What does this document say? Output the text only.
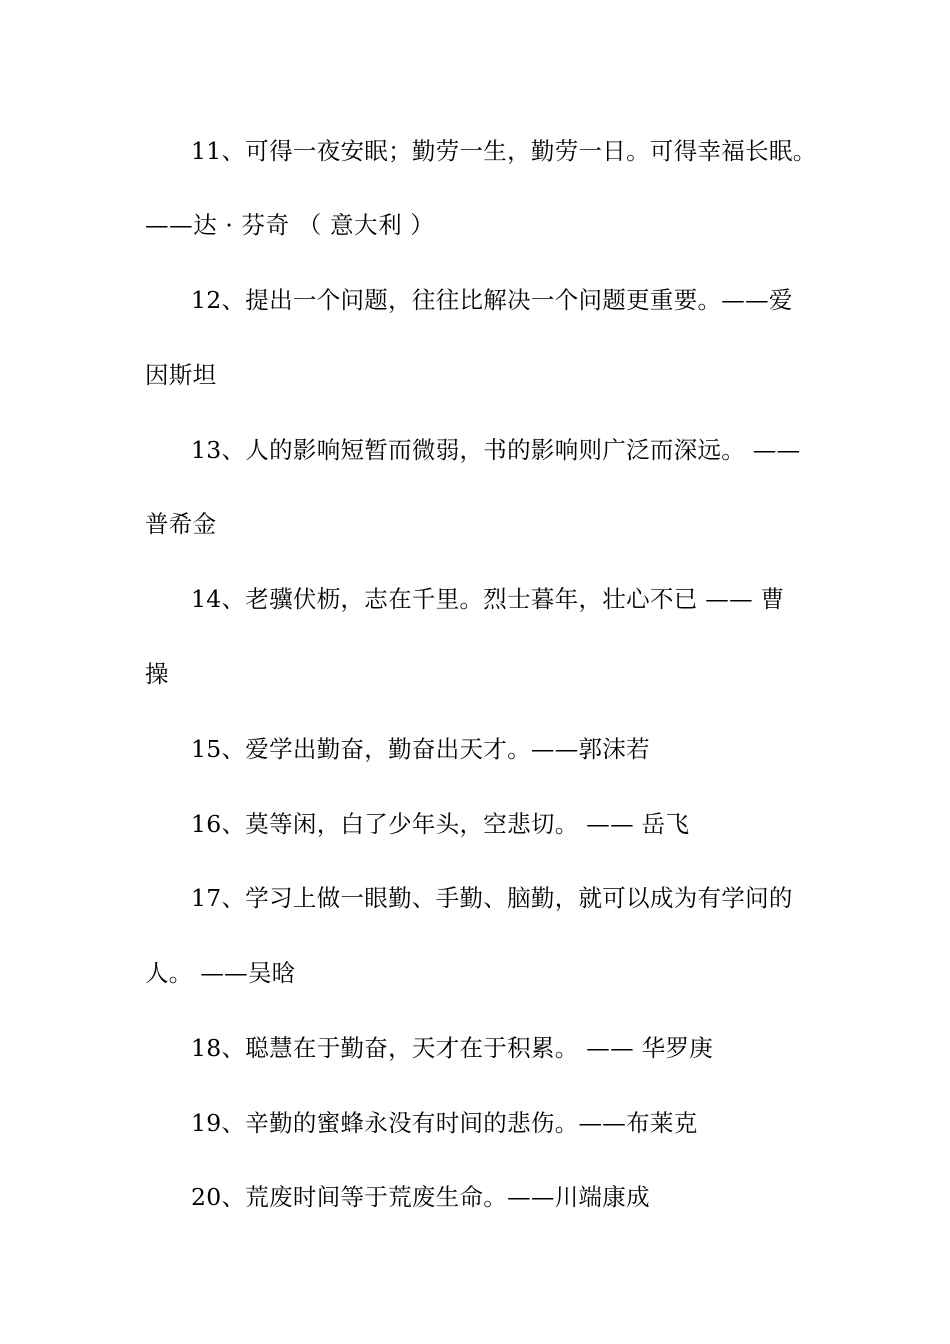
11、可得一夜安眠；勤劳一生，勤劳一日。可得幸福长眠。
——达 · 芬奇 （ 意大利 ）
12、提出一个问题，往往比解决一个问题更重要。——爱
因斯坦
13、人的影响短暂而微弱，书的影响则广泛而深远。 ——
普希金
14、老骥伏枥，志在千里。烈士暮年，壮心不已 —— 曹
操
15、爱学出勤奋，勤奋出天才。——郭沫若
16、莫等闲，白了少年头，空悲切。 —— 岳飞
17、学习上做一眼勤、手勤、脑勤，就可以成为有学问的
人。 ——吴晗
18、聪慧在于勤奋，天才在于积累。 —— 华罗庚
19、辛勤的蜜蜂永没有时间的悲伤。——布莱克
20、荒废时间等于荒废生命。——川端康成
